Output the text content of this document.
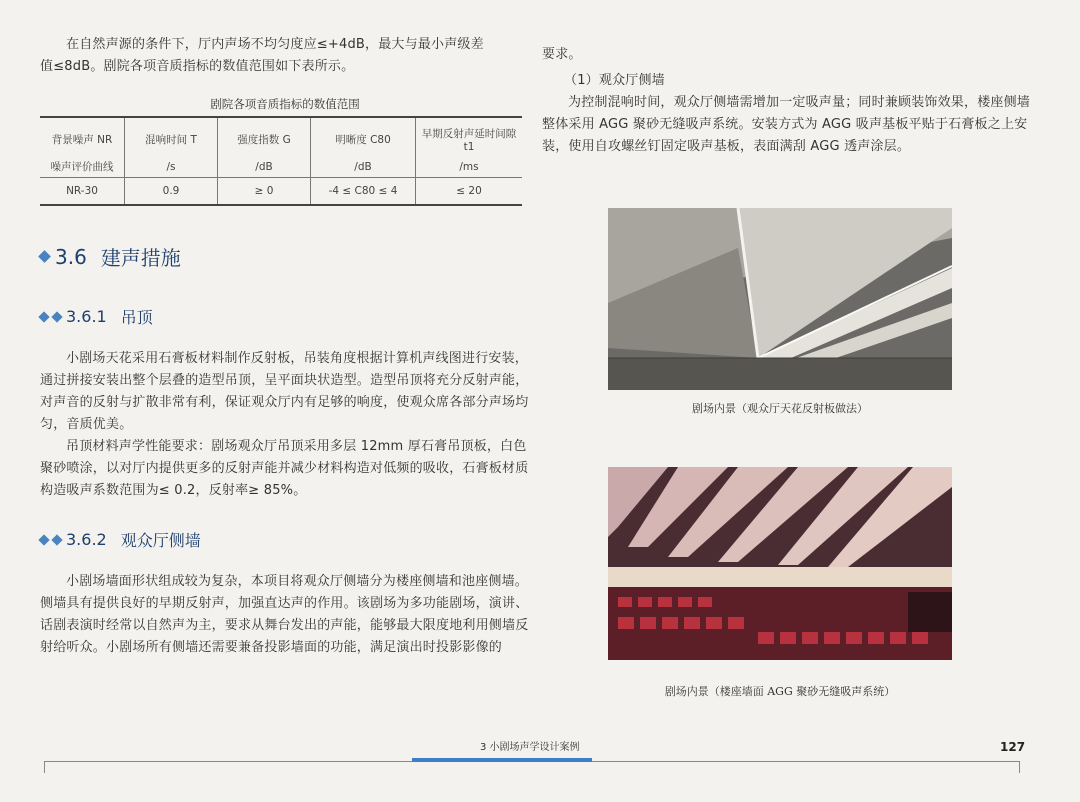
在自然声源的条件下，厅内声场不均匀度应≤+4dB，最大与最小声级差

值≤8dB。剧院各项音质指标的数值范围如下表所示。

剧院各项音质指标的数值范围
背景噪声 NR	混响时间 T	强度指数 G	明晰度 C80	早期反射声延时间隙 t1
噪声评价曲线	/s	/dB	/dB	/ms
NR-30	0.9	≥ 0	-4 ≤ C80 ≤ 4	≤ 20
3.6 建声措施
3.6.1 吊顶

小剧场天花采用石膏板材料制作反射板，吊装角度根据计算机声线图进行安装，通过拼接安装出整个层叠的造型吊顶，呈平面块状造型。造型吊顶将充分反射声能，对声音的反射与扩散非常有利，保证观众厅内有足够的响度，使观众席各部分声场均匀，音质优美。

吊顶材料声学性能要求：剧场观众厅吊顶采用多层 12mm 厚石膏吊顶板，白色聚砂喷涂，以对厅内提供更多的反射声能并减少材料构造对低频的吸收，石膏板材质构造吸声系数范围为≤ 0.2，反射率≥ 85%。

3.6.2 观众厅侧墙

小剧场墙面形状组成较为复杂，本项目将观众厅侧墙分为楼座侧墙和池座侧墙。侧墙具有提供良好的早期反射声，加强直达声的作用。该剧场为多功能剧场，演讲、话剧表演时经常以自然声为主，要求从舞台发出的声能，能够最大限度地利用侧墙反射给听众。小剧场所有侧墙还需要兼备投影墙面的功能，满足演出时投影影像的

要求。

（1）观众厅侧墙

为控制混响时间，观众厅侧墙需增加一定吸声量；同时兼顾装饰效果，楼座侧墙整体采用 AGG 聚砂无缝吸声系统。安装方式为 AGG 吸声基板平贴于石膏板之上安装，使用自攻螺丝钉固定吸声基板，表面满刮 AGG 透声涂层。

剧场内景（观众厅天花反射板做法）
剧场内景（楼座墙面 AGG 聚砂无缝吸声系统）
3 小剧场声学设计案例	127
